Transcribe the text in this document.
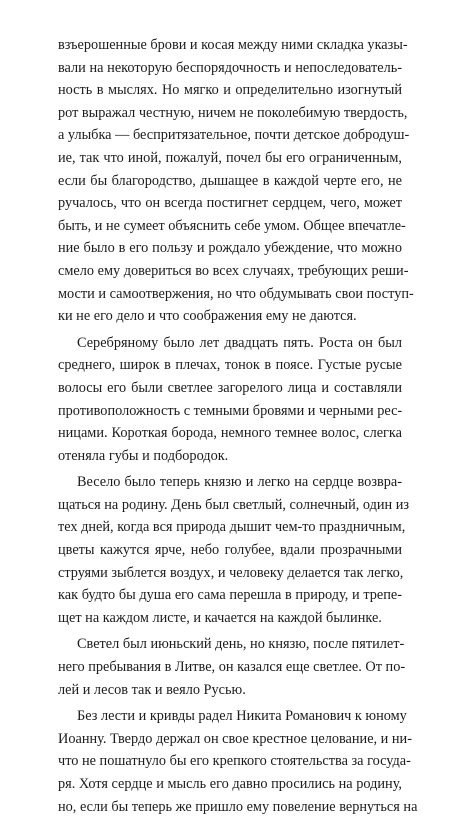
взъерошенные брови и косая между ними складка указы-
вали на некоторую беспорядочность и непоследователь-
ность в мыслях. Но мягко и определительно изогнутый
рот выражал честную, ничем не поколебимую твердость,
а улыбка — беспритязательное, почти детское добродуш-
ие, так что иной, пожалуй, почел бы его ограниченным,
если бы благородство, дышащее в каждой черте его, не
ручалось, что он всегда постигнет сердцем, чего, может
быть, и не сумеет объяснить себе умом. Общее впечатле-
ние было в его пользу и рождало убеждение, что можно
смело ему довериться во всех случаях, требующих реши-
мости и самоотвержения, но что обдумывать свои поступ-
ки не его дело и что соображения ему не даются.
Серебряному было лет двадцать пять. Роста он был
среднего, широк в плечах, тонок в поясе. Густые русые
волосы его были светлее загорелого лица и составляли
противоположность с темными бровями и черными рес-
ницами. Короткая борода, немного темнее волос, слегка
отеняла губы и подбородок.
Весело было теперь князю и легко на сердце возвра-
щаться на родину. День был светлый, солнечный, один из
тех дней, когда вся природа дышит чем-то праздничным,
цветы кажутся ярче, небо голубее, вдали прозрачными
струями зыблется воздух, и человеку делается так легко,
как будто бы душа его сама перешла в природу, и трепе-
щет на каждом листе, и качается на каждой былинке.
Светел был июньский день, но князю, после пятилет-
него пребывания в Литве, он казался еще светлее. От по-
лей и лесов так и веяло Русью.
Без лести и кривды радел Никита Романович к юному
Иоанну. Твердо держал он свое крестное целование, и ни-
что не пошатнуло бы его крепкого стоятельства за госуда-
ря. Хотя сердце и мысль его давно просились на родину,
но, если бы теперь же пришло ему повеление вернуться на
